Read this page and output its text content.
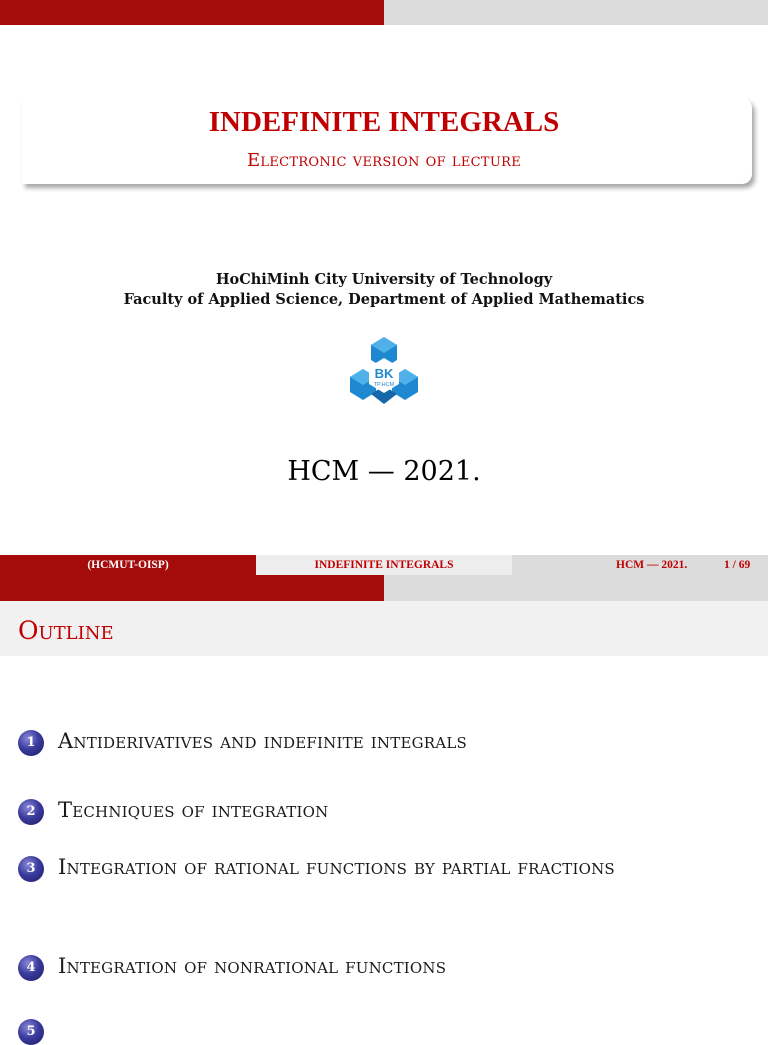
INDEFINITE INTEGRALS
Electronic version of lecture
HoChiMinh City University of Technology
Faculty of Applied Science, Department of Applied Mathematics
BK
TP.HCM
HCM — 2021.
(HCMUT-OISP)	INDEFINITE INTEGRALS	HCM — 2021.	1 / 69
Outline
1	Antiderivatives and indefinite integrals
2	Techniques of integration
3	Integration of rational functions by partial fractions
4	Integration of nonrational functions
5
